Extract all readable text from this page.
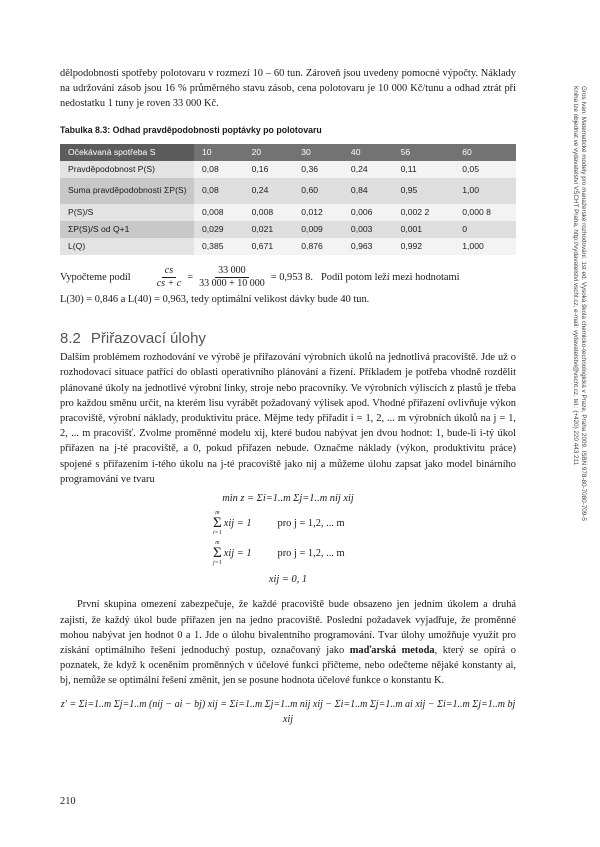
dělpodobnosti spotřeby polotovaru v rozmezí 10 – 60 tun. Zároveň jsou uvedeny pomocné výpočty. Náklady na udržování zásob jsou 16 % průměrného stavu zásob, cena polotovaru je 10 000 Kč/tunu a odhad ztrát při nedostatku 1 tuny je roven 33 000 Kč.

Tabulka 8.3: Odhad pravděpodobnosti poptávky po polotovaru
Očekávaná spotřeba S	10	20	30	40	56	60
Pravděpodobnost P(S)	0,08	0,16	0,36	0,24	0,11	0,05
Suma pravděpodobností ΣP(S)	0,08	0,24	0,60	0,84	0,95	1,00
P(S)/S	0,008	0,008	0,012	0,006	0,002 2	0,000 8
ΣP(S)/S od Q+1	0,029	0,021	0,009	0,003	0,001	0
L(Q)	0,385	0,671	0,876	0,963	0,992	1,000
Vypočteme podíl $\frac{cs}{cs + c} = \frac{33 000}{33 000 + 10 000} = 0,953$ 8. Podíl potom leží mezi hodnotami

L(30) = 0,846 a L(40) = 0,963, tedy optimální velikost dávky bude 40 tun.

8.2 Přiřazovací úlohy

Dalším problémem rozhodování ve výrobě je přiřazování výrobních úkolů na jednotlivá pracoviště. Jde už o rozhodovací situace patřící do oblasti operativního plánování a řízení. Příkladem je potřeba vhodně rozdělit plánované úkoly na jednotlivé výrobní linky, stroje nebo pracovníky. Ve výrobních výliscích z plastů je třeba pro každou směnu určit, na kterém lisu vyrábět požadovaný výlisek apod. Vhodné přiřazení ovlivňuje výkon pracoviště, výrobní náklady, produktivitu práce. Mějme tedy přiřadit i = 1, 2, ... m výrobních úkolů na j = 1, 2, ... m pracovišť. Zvolme proměnné modelu xij, které budou nabývat jen dvou hodnot: 1, bude-li i-tý úkol přiřazen na j-té pracoviště, a 0, pokud přiřazen nebude. Označme náklady (výkon, produktivitu práce) spojené s přiřazením i-tého úkolu na j-té pracoviště jako nij a můžeme úlohu zapsat jako model binárního programování ve tvaru

min z = Σi=1..m Σj=1..m nij xij
m
Σ
i=1
xij = 1	pro j = 1,2, ... m
m
Σ
j=1
xij = 1	pro j = 1,2, ... m
xij = 0, 1

První skupina omezení zabezpečuje, že každé pracoviště bude obsazeno jen jedním úkolem a druhá zajistí, že každý úkol bude přiřazen jen na jedno pracoviště. Poslední požadavek vyjadřuje, že proměnné mohou nabývat jen hodnot 0 a 1. Jde o úlohu bivalentního programování. Tvar úlohy umožňuje využít pro získání optimálního řešení jednoduchý postup, označovaný jako maďarská metoda, který se opírá o poznatek, že když k oceněním proměnných v účelové funkci přičteme, nebo odečteme nějaké konstanty ai, bj, nemůže se optimální řešení změnit, jen se posune hodnota účelové funkce o konstantu K.

z′ = Σi=1..m Σj=1..m (nij − ai − bj) xij = Σi=1..m Σj=1..m nij xij − Σi=1..m Σj=1..m ai xij − Σi=1..m Σj=1..m bj xij
210
Gros Ivan: Matematické modely pro manažerské rozhodování. 1st ed. Vysoká škola chemicko-technologická v Praze, Praha 2009. ISBN 978-80-7080-709-5
Kniha lze objednat ve vydavatelství VŠCHT Praha, http://vydavatelstvi.vscht.cz, e-mail: vydavatelstvi@vscht.cz, tel.: (+420) 220 443 211
